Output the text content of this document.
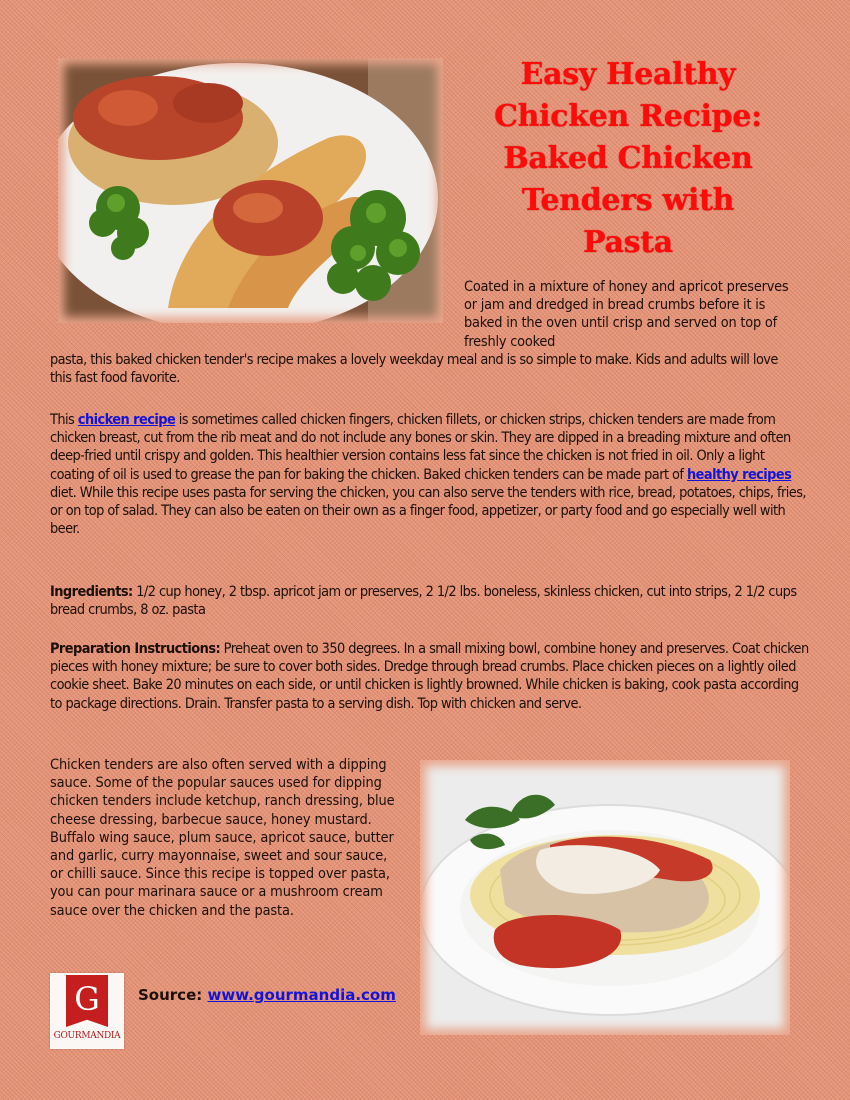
Easy Healthy
Chicken Recipe:
Baked Chicken
Tenders with
Pasta

Coated in a mixture of honey and apricot preserves or jam and dredged in bread crumbs before it is baked in the oven until crisp and served on top of freshly cooked

pasta, this baked chicken tender's recipe makes a lovely weekday meal and is so simple to make. Kids and adults will love this fast food favorite.

This chicken recipe is sometimes called chicken fingers, chicken fillets, or chicken strips, chicken tenders are made from chicken breast, cut from the rib meat and do not include any bones or skin. They are dipped in a breading mixture and often deep-fried until crispy and golden. This healthier version contains less fat since the chicken is not fried in oil. Only a light coating of oil is used to grease the pan for baking the chicken. Baked chicken tenders can be made part of healthy recipes diet. While this recipe uses pasta for serving the chicken, you can also serve the tenders with rice, bread, potatoes, chips, fries, or on top of salad. They can also be eaten on their own as a finger food, appetizer, or party food and go especially well with beer.

Ingredients: 1/2 cup honey, 2 tbsp. apricot jam or preserves, 2 1/2 lbs. boneless, skinless chicken, cut into strips, 2 1/2 cups bread crumbs, 8 oz. pasta

Preparation Instructions: Preheat oven to 350 degrees. In a small mixing bowl, combine honey and preserves. Coat chicken pieces with honey mixture; be sure to cover both sides. Dredge through bread crumbs. Place chicken pieces on a lightly oiled cookie sheet. Bake 20 minutes on each side, or until chicken is lightly browned. While chicken is baking, cook pasta according to package directions. Drain. Transfer pasta to a serving dish. Top with chicken and serve.

Chicken tenders are also often served with a dipping sauce. Some of the popular sauces used for dipping chicken tenders include ketchup, ranch dressing, blue cheese dressing, barbecue sauce, honey mustard. Buffalo wing sauce, plum sauce, apricot sauce, butter and garlic, curry mayonnaise, sweet and sour sauce, or chilli sauce. Since this recipe is topped over pasta, you can pour marinara sauce or a mushroom cream sauce over the chicken and the pasta.

G
GOURMANDIA
Source: www.gourmandia.com
